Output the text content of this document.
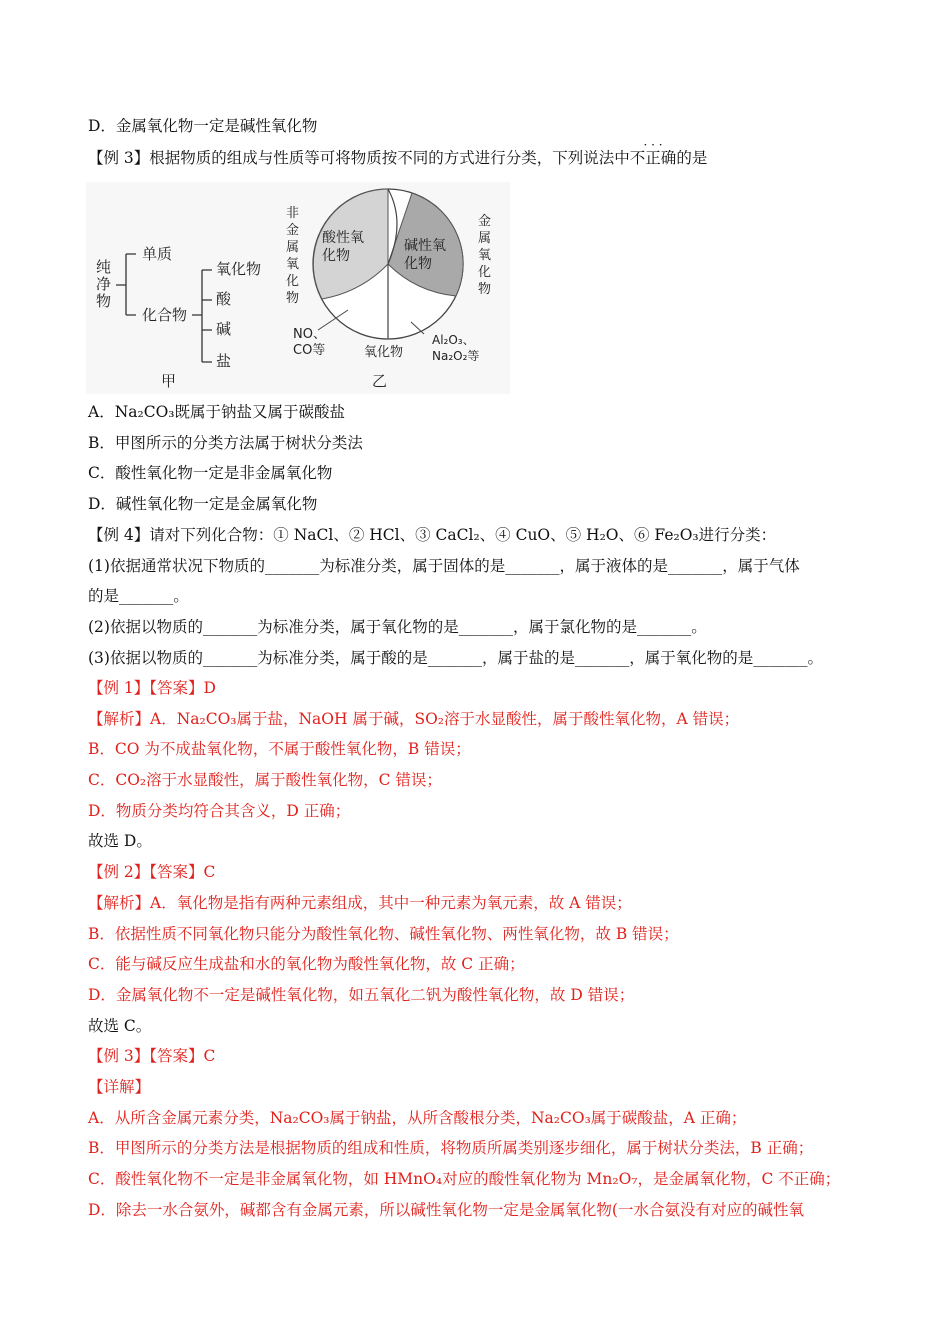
D．金属氧化物一定是碱性氧化物
【例 3】根据物质的组成与性质等可将物质按不同的方式进行分类，下列说法中
· · ·
不正确的是
纯
净
物
单质
化合物
氧化物
酸
碱
盐
甲
非
金
属
氧
化
物
金
属
氧
化
物
酸性氧
化物
碱性氧
化物
NO、
CO等	氧化物
Al₂O₃、
Na₂O₂等
乙
A．Na₂CO₃既属于钠盐又属于碳酸盐
B．甲图所示的分类方法属于树状分类法
C．酸性氧化物一定是非金属氧化物
D．碱性氧化物一定是金属氧化物
【例 4】请对下列化合物：① NaCl、② HCl、③ CaCl₂、④ CuO、⑤ H₂O、⑥ Fe₂O₃进行分类：
(1)依据通常状况下物质的_______为标准分类，属于固体的是_______，属于液体的是_______，属于气体
的是_______。
(2)依据以物质的_______为标准分类，属于氧化物的是_______，属于氯化物的是_______。
(3)依据以物质的_______为标准分类，属于酸的是_______，属于盐的是_______，属于氧化物的是_______。
【例 1】【答案】D
【解析】A．Na₂CO₃属于盐，NaOH 属于碱，SO₂溶于水显酸性，属于酸性氧化物，A 错误；
B．CO 为不成盐氧化物，不属于酸性氧化物，B 错误；
C．CO₂溶于水显酸性，属于酸性氧化物，C 错误；
D．物质分类均符合其含义，D 正确；
故选 D。
【例 2】【答案】C
【解析】A．氧化物是指有两种元素组成，其中一种元素为氧元素，故 A 错误；
B．依据性质不同氧化物只能分为酸性氧化物、碱性氧化物、两性氧化物，故 B 错误；
C．能与碱反应生成盐和水的氧化物为酸性氧化物，故 C 正确；
D．金属氧化物不一定是碱性氧化物，如五氧化二钒为酸性氧化物，故 D 错误；
故选 C。
【例 3】【答案】C
【详解】
A．从所含金属元素分类，Na₂CO₃属于钠盐，从所含酸根分类，Na₂CO₃属于碳酸盐，A 正确；
B．甲图所示的分类方法是根据物质的组成和性质，将物质所属类别逐步细化，属于树状分类法，B 正确；
C．酸性氧化物不一定是非金属氧化物，如 HMnO₄对应的酸性氧化物为 Mn₂O₇，是金属氧化物，C 不正确；
D．除去一水合氨外，碱都含有金属元素，所以碱性氧化物一定是金属氧化物(一水合氨没有对应的碱性氧
